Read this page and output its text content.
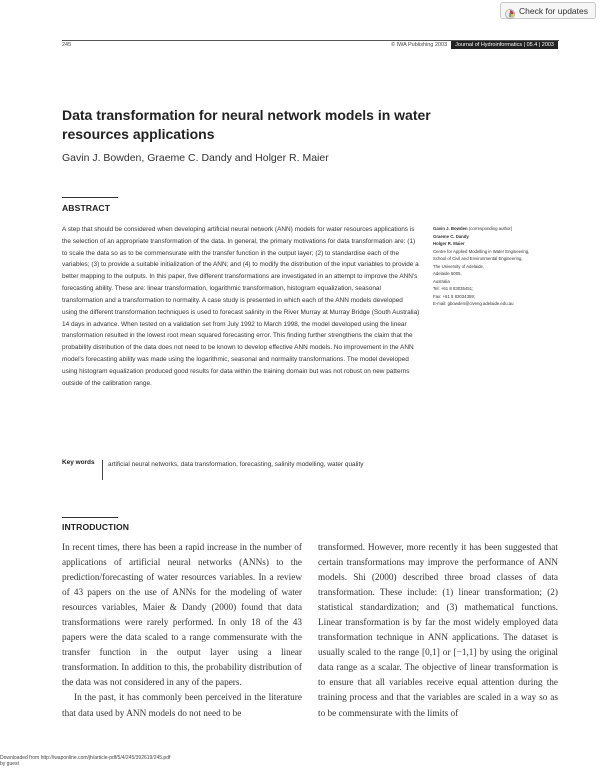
Check for updates
245	© IWA Publishing 2003	Journal of Hydroinformatics | 05.4 | 2003
Data transformation for neural network models in water resources applications
Gavin J. Bowden, Graeme C. Dandy and Holger R. Maier
ABSTRACT
A step that should be considered when developing artificial neural network (ANN) models for water resources applications is the selection of an appropriate transformation of the data. In general, the primary motivations for data transformation are: (1) to scale the data so as to be commensurate with the transfer function in the output layer; (2) to standardise each of the variables; (3) to provide a suitable initialization of the ANN; and (4) to modify the distribution of the input variables to provide a better mapping to the outputs. In this paper, five different transformations are investigated in an attempt to improve the ANN's forecasting ability. These are: linear transformation, logarithmic transformation, histogram equalization, seasonal transformation and a transformation to normality. A case study is presented in which each of the ANN models developed using the different transformation techniques is used to forecast salinity in the River Murray at Murray Bridge (South Australia) 14 days in advance. When tested on a validation set from July 1992 to March 1998, the model developed using the linear transformation resulted in the lowest root mean squared forecasting error. This finding further strengthens the claim that the probability distribution of the data does not need to be known to develop effective ANN models. No improvement in the ANN model's forecasting ability was made using the logarithmic, seasonal and normality transformations. The model developed using histogram equalization produced good results for data within the training domain but was not robust on new patterns outside of the calibration range.
Key words artificial neural networks, data transformation, forecasting, salinity modelling, water quality
Gavin J. Bowden (corresponding author)
Graeme C. Dandy
Holger R. Maier
Centre for Applied Modelling in Water Engineering,
School of Civil and Environmental Engineering,
The University of Adelaide,
Adelaide 5005,
Australia
Tel: +61 8 83035451;
Fax: +61 8 83034359;
E-mail: gbowden@civeng.adelaide.edu.au
INTRODUCTION

In recent times, there has been a rapid increase in the number of applications of artificial neural networks (ANNs) to the prediction/forecasting of water resources variables. In a review of 43 papers on the use of ANNs for the modeling of water resources variables, Maier & Dandy (2000) found that data transformations were rarely performed. In only 18 of the 43 papers were the data scaled to a range commensurate with the transfer function in the output layer using a linear transformation. In addition to this, the probability distribution of the data was not considered in any of the papers.

In the past, it has commonly been perceived in the literature that data used by ANN models do not need to be

transformed. However, more recently it has been suggested that certain transformations may improve the performance of ANN models. Shi (2000) described three broad classes of data transformation. These include: (1) linear transformation; (2) statistical standardization; and (3) mathematical functions. Linear transformation is by far the most widely employed data transformation technique in ANN applications. The dataset is usually scaled to the range [0,1] or [−1,1] by using the original data range as a scalar. The objective of linear transformation is to ensure that all variables receive equal attention during the training process and that the variables are scaled in a way so as to be commensurate with the limits of

Downloaded from http://iwaponline.com/jh/article-pdf/5/4/245/392619/245.pdf
by guest
